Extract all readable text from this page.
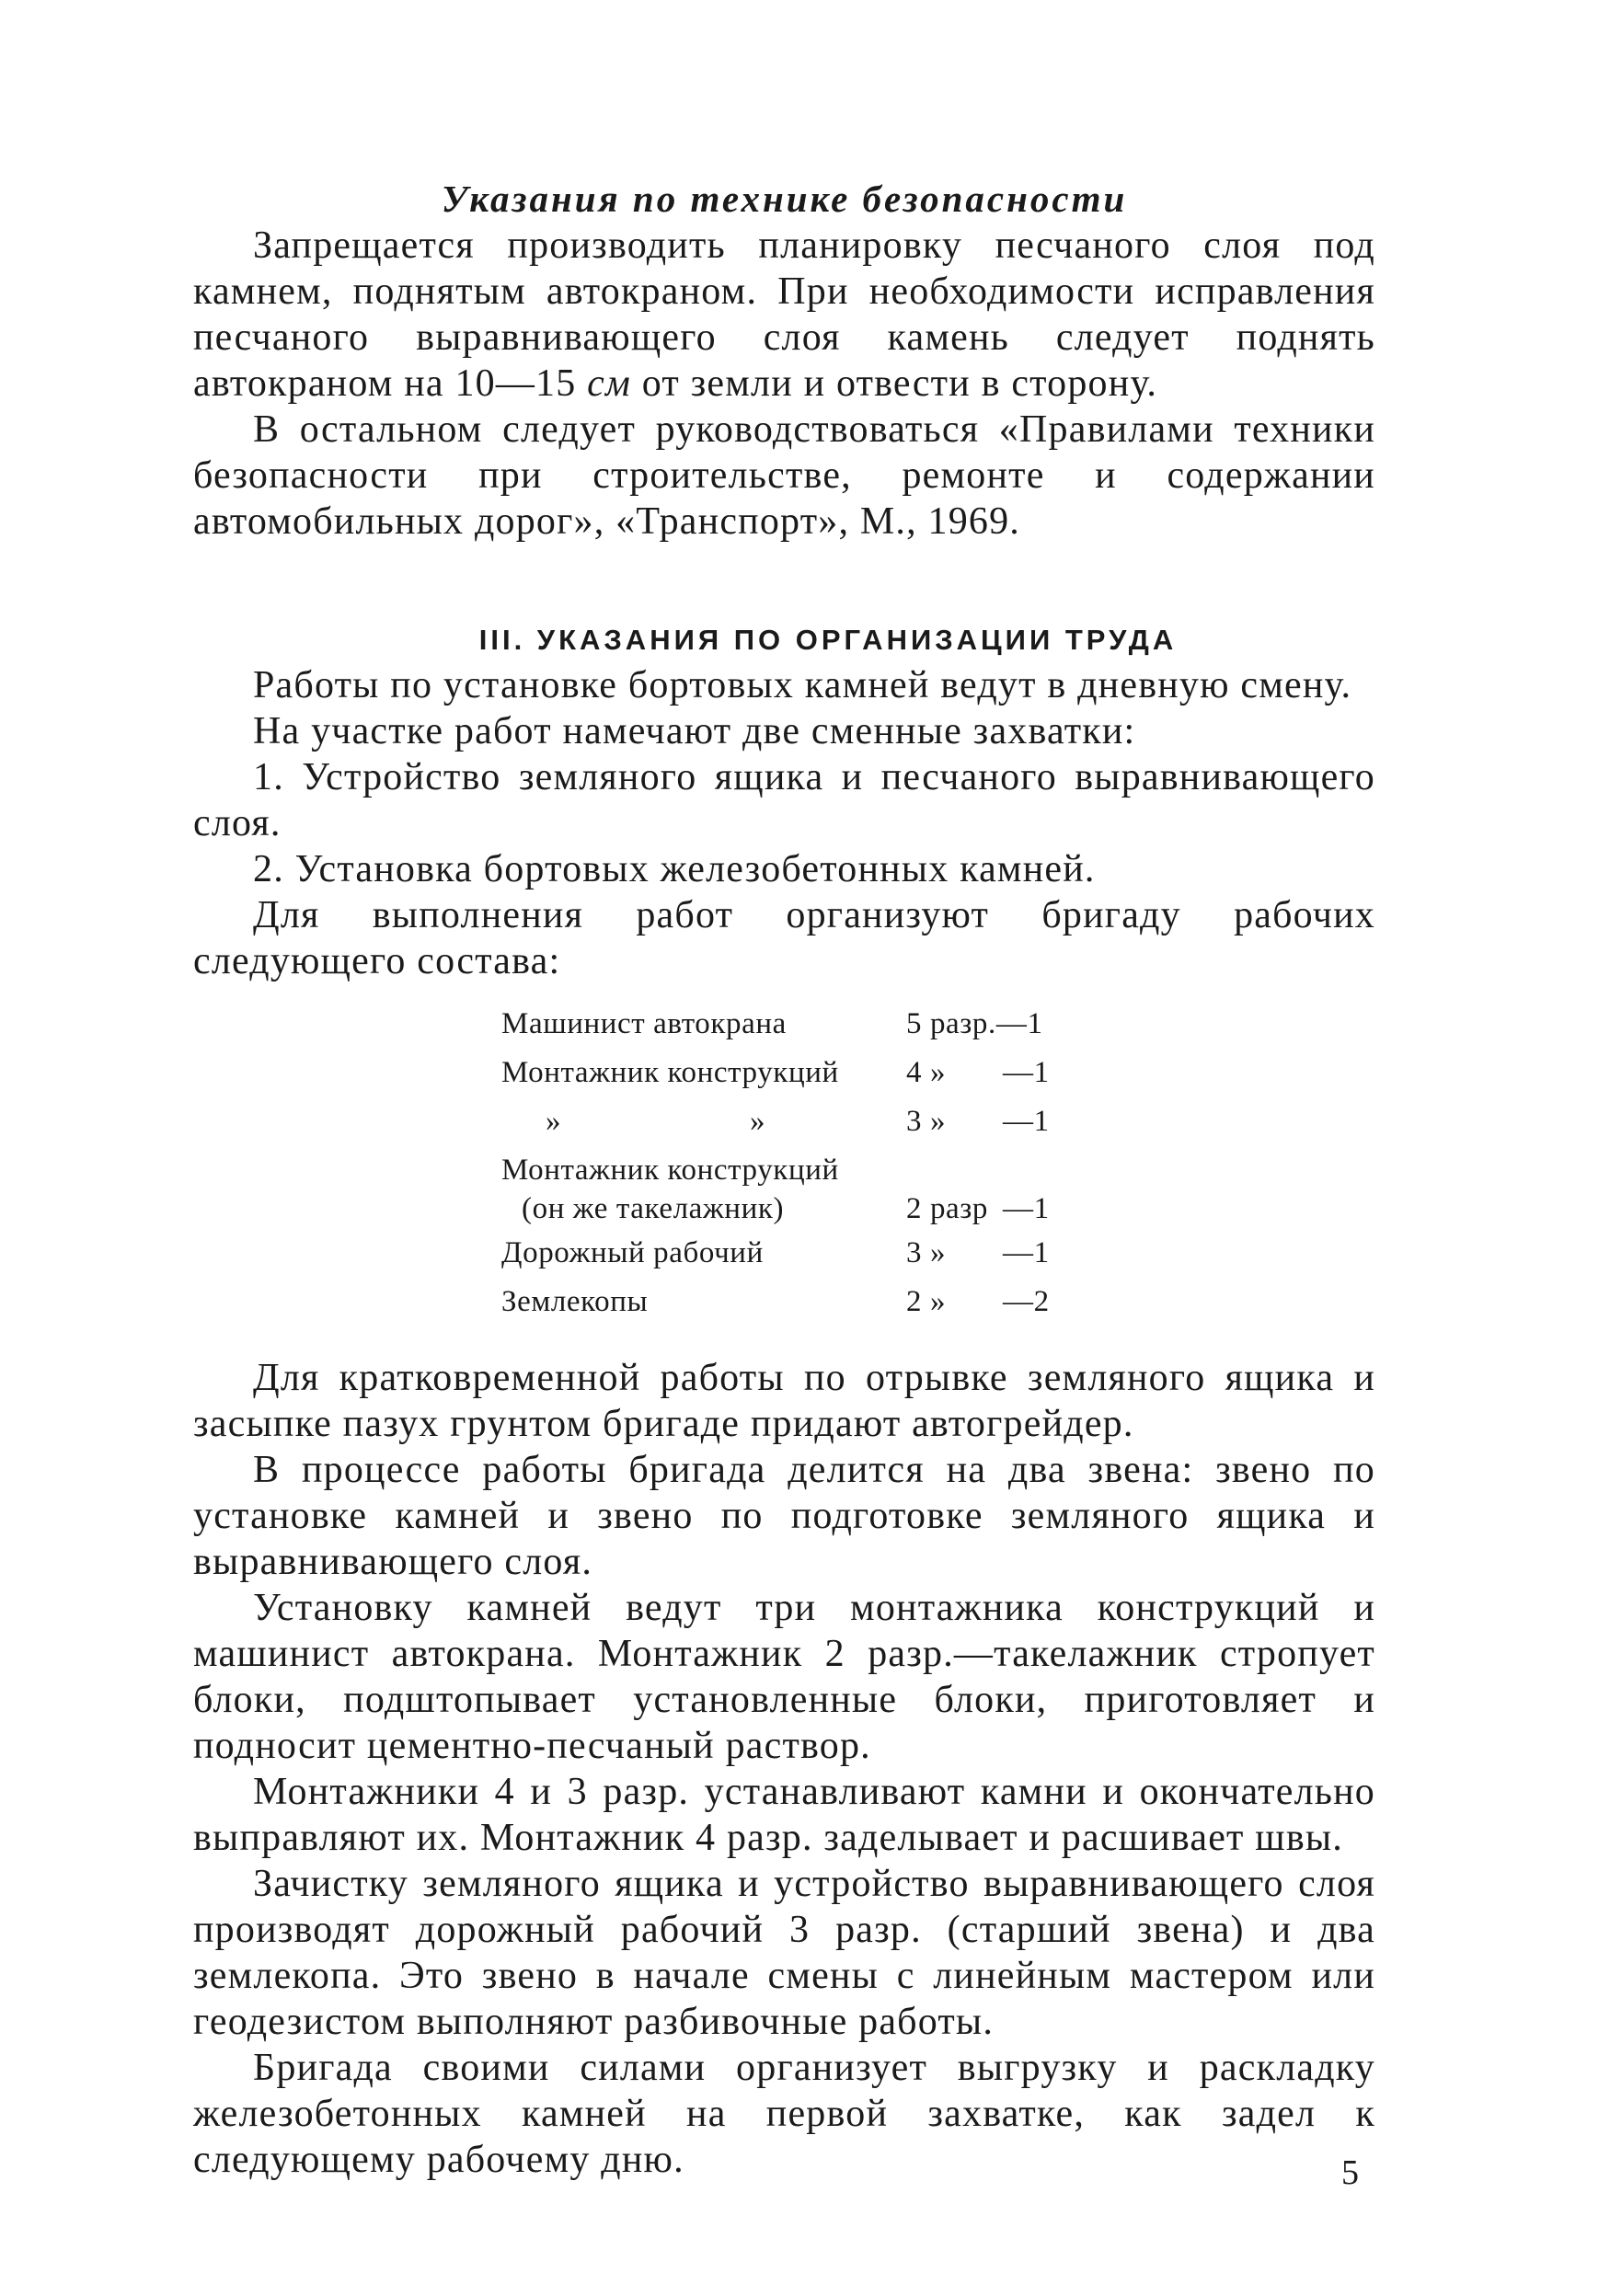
Указания по технике безопасности

Запрещается производить планировку песчаного слоя под камнем, поднятым автокраном. При необходимости исправления песчаного выравнивающего слоя камень следует поднять автокраном на 10—15 см от земли и отвести в сторону.

В остальном следует руководствоваться «Правилами техники безопасности при строительстве, ремонте и содержании автомобильных дорог», «Транспорт», М., 1969.

III. УКАЗАНИЯ ПО ОРГАНИЗАЦИИ ТРУДА

Работы по установке бортовых камней ведут в дневную смену.

На участке работ намечают две сменные захватки:

1. Устройство земляного ящика и песчаного выравнивающего слоя.

2. Установка бортовых железобетонных камней.

Для выполнения работ организуют бригаду рабочих следующего состава:

Машинист автокрана	5 разр.—1
Монтажник конструкций 4 » —1
»	»	3 » —1
Монтажник конструкций
(он же такелажник)	2 разр —1
Дорожный рабочий	3 » —1
Землекопы	2 » —2

Для кратковременной работы по отрывке земляного ящика и засыпке пазух грунтом бригаде придают автогрейдер.

В процессе работы бригада делится на два звена: звено по установке камней и звено по подготовке земляного ящика и выравнивающего слоя.

Установку камней ведут три монтажника конструкций и машинист автокрана. Монтажник 2 разр.—такелажник стропует блоки, подштопывает установленные блоки, приготовляет и подносит цементно-песчаный раствор.

Монтажники 4 и 3 разр. устанавливают камни и окончательно выправляют их. Монтажник 4 разр. заделывает и расшивает швы.

Зачистку земляного ящика и устройство выравнивающего слоя производят дорожный рабочий 3 разр. (старший звена) и два землекопа. Это звено в начале смены с линейным мастером или геодезистом выполняют разбивочные работы.

Бригада своими силами организует выгрузку и раскладку железобетонных камней на первой захватке, как задел к следующему рабочему дню.	5
